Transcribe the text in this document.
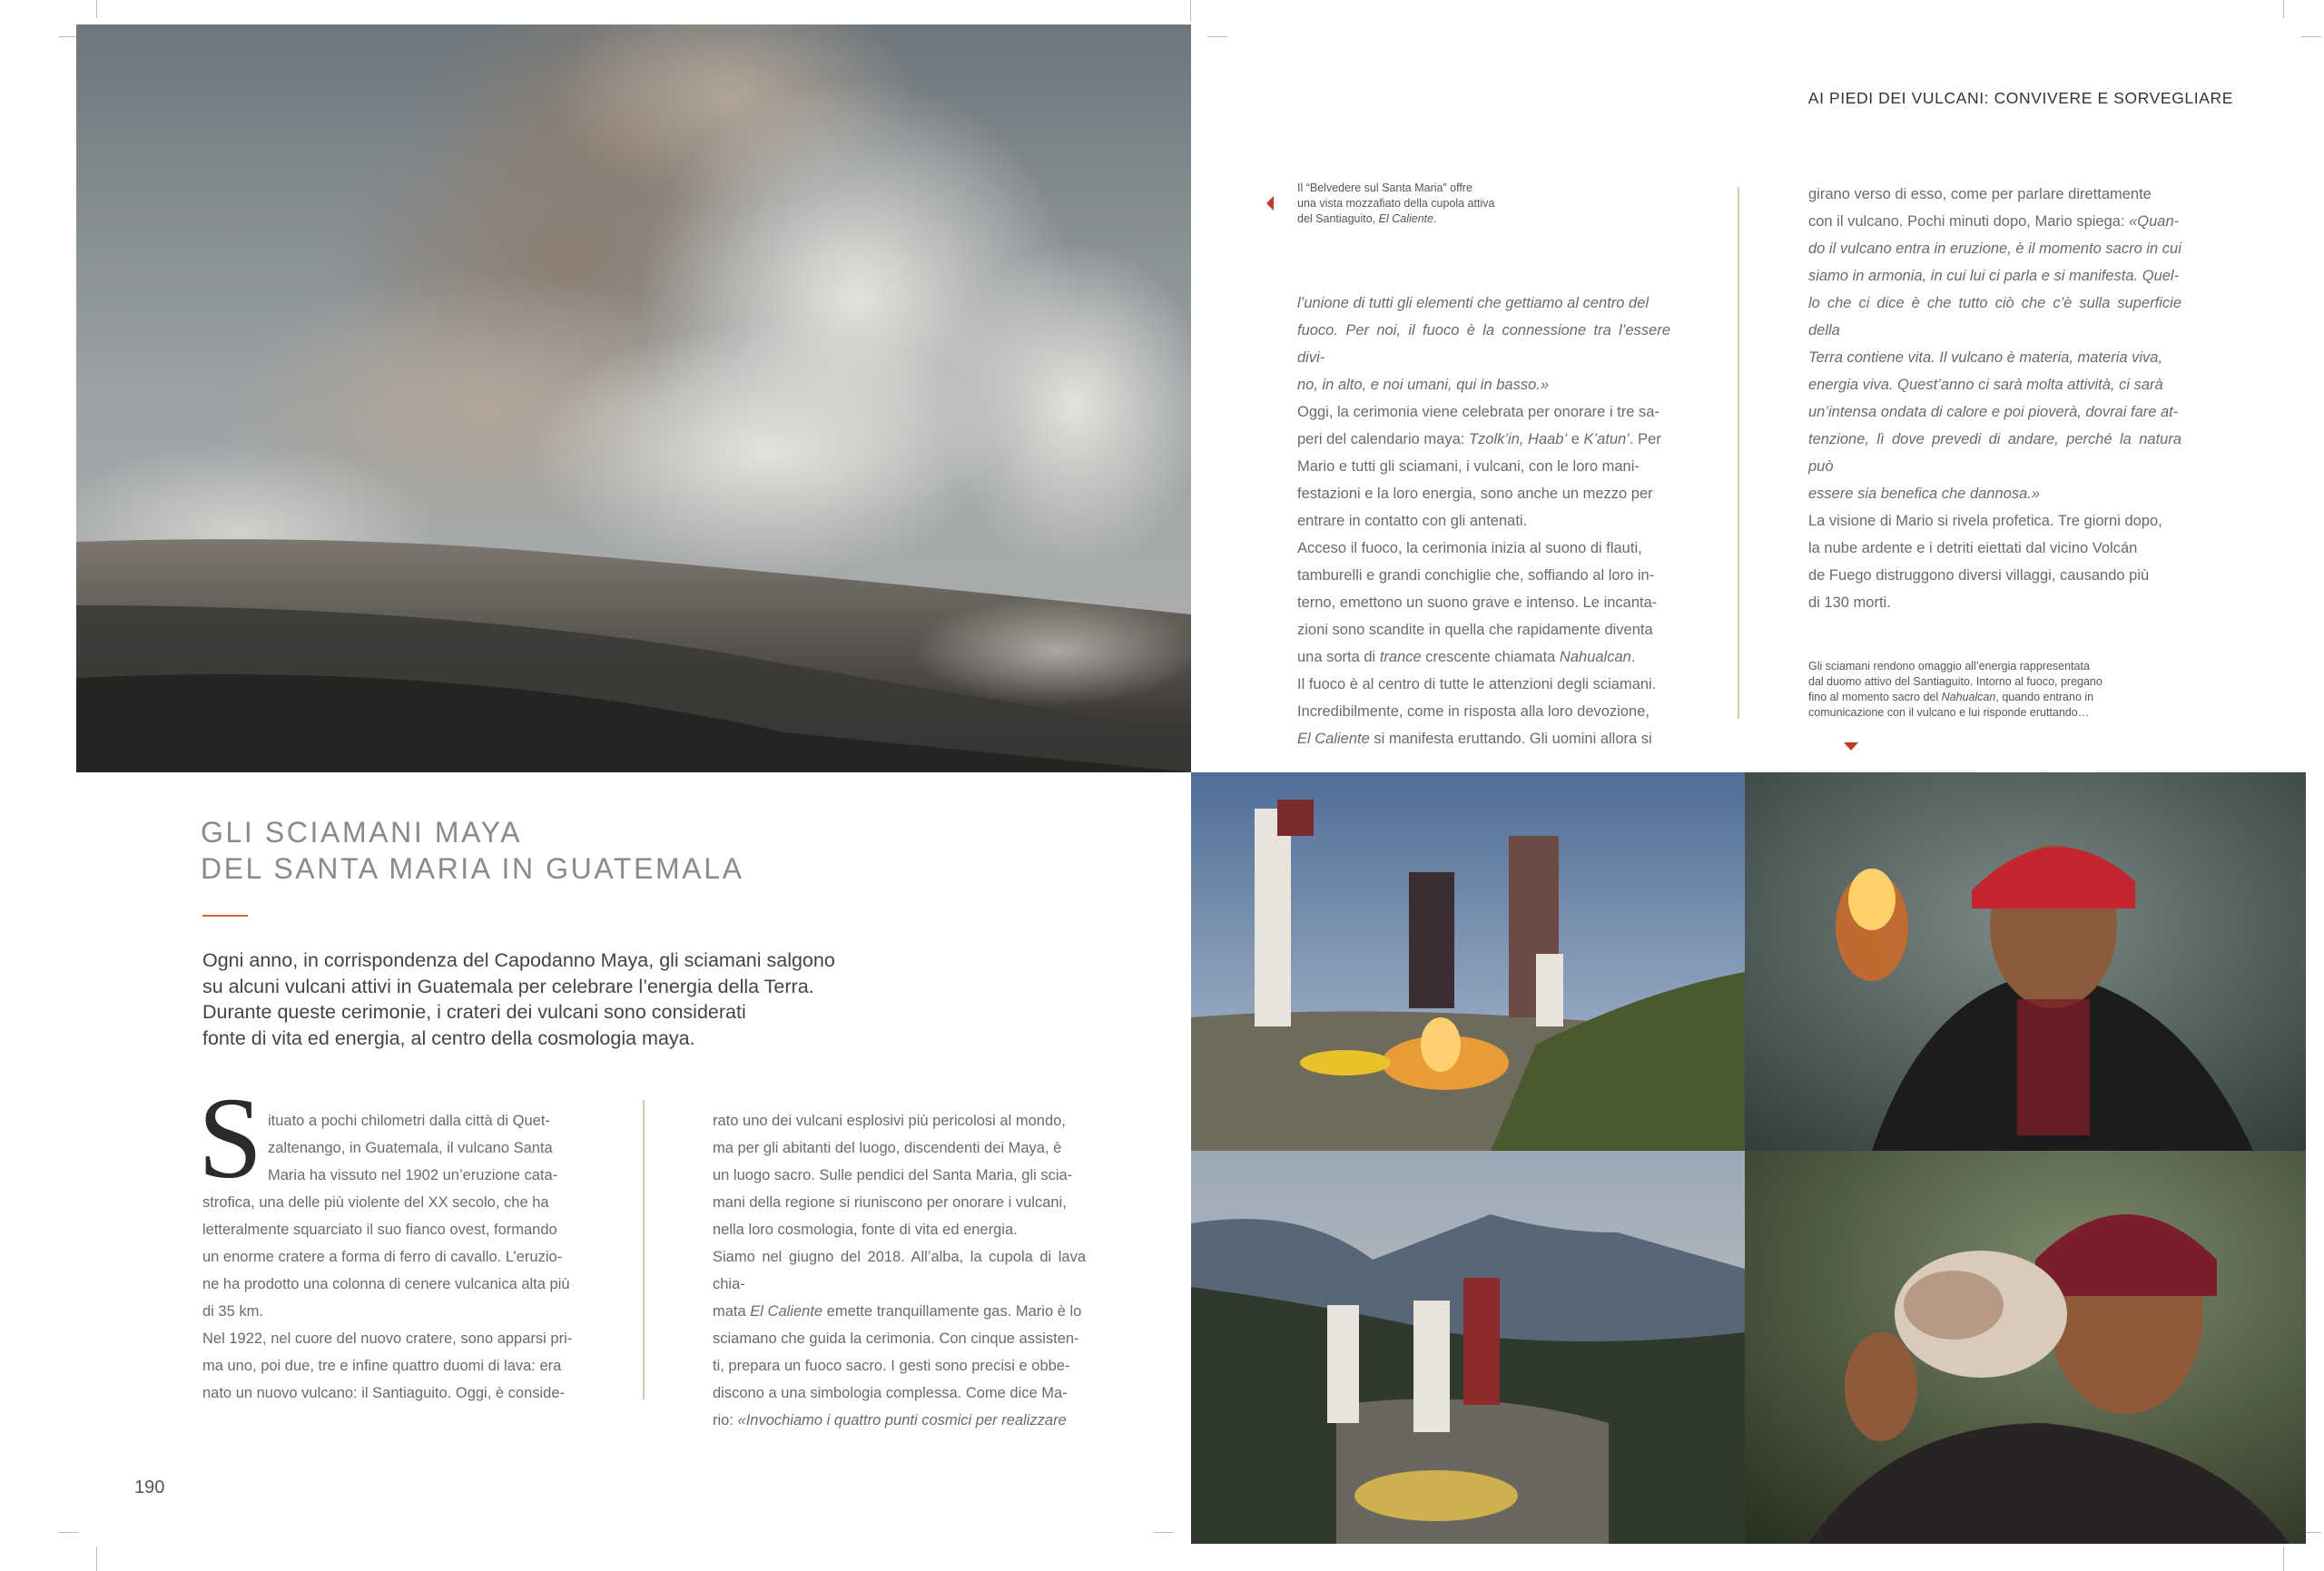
AI PIEDI DEI VULCANI: CONVIVERE E SORVEGLIARE
Il “Belvedere sul Santa Maria” offre
una vista mozzafiato della cupola attiva
del Santiaguito, El Caliente.

l’unione di tutti gli elementi che gettiamo al centro del

fuoco. Per noi, il fuoco è la connessione tra l’essere divi-

no, in alto, e noi umani, qui in basso.»

Oggi, la cerimonia viene celebrata per onorare i tre sa-

peri del calendario maya: Tzolk’in, Haab’ e K’atun’. Per

Mario e tutti gli sciamani, i vulcani, con le loro mani-

festazioni e la loro energia, sono anche un mezzo per

entrare in contatto con gli antenati.

Acceso il fuoco, la cerimonia inizia al suono di flauti,

tamburelli e grandi conchiglie che, soffiando al loro in-

terno, emettono un suono grave e intenso. Le incanta-

zioni sono scandite in quella che rapidamente diventa

una sorta di trance crescente chiamata Nahualcan.

Il fuoco è al centro di tutte le attenzioni degli sciamani.

Incredibilmente, come in risposta alla loro devozione,

El Caliente si manifesta eruttando. Gli uomini allora si

girano verso di esso, come per parlare direttamente

con il vulcano. Pochi minuti dopo, Mario spiega: «Quan-

do il vulcano entra in eruzione, è il momento sacro in cui

siamo in armonia, in cui lui ci parla e si manifesta. Quel-

lo che ci dice è che tutto ciò che c’è sulla superficie della

Terra contiene vita. Il vulcano è materia, materia viva,

energia viva. Quest’anno ci sarà molta attività, ci sarà

un’intensa ondata di calore e poi pioverà, dovrai fare at-

tenzione, lì dove prevedi di andare, perché la natura può

essere sia benefica che dannosa.»

La visione di Mario si rivela profetica. Tre giorni dopo,

la nube ardente e i detriti eiettati dal vicino Volcán

de Fuego distruggono diversi villaggi, causando più

di 130 morti.

Gli sciamani rendono omaggio all’energia rappresentata
dal duomo attivo del Santiaguito. Intorno al fuoco, pregano
fino al momento sacro del Nahualcan, quando entrano in
comunicazione con il vulcano e lui risponde eruttando…
GLI SCIAMANI MAYA
DEL SANTA MARIA IN GUATEMALA
Ogni anno, in corrispondenza del Capodanno Maya, gli sciamani salgono
su alcuni vulcani attivi in Guatemala per celebrare l’energia della Terra.
Durante queste cerimonie, i crateri dei vulcani sono considerati
fonte di vita ed energia, al centro della cosmologia maya.
S ituato a pochi chilometri dalla città di Quet-

zaltenango, in Guatemala, il vulcano Santa

Maria ha vissuto nel 1902 un’eruzione cata-

strofica, una delle più violente del XX secolo, che ha

letteralmente squarciato il suo fianco ovest, formando

un enorme cratere a forma di ferro di cavallo. L’eruzio-

ne ha prodotto una colonna di cenere vulcanica alta più

di 35 km.

Nel 1922, nel cuore del nuovo cratere, sono apparsi pri-

ma uno, poi due, tre e infine quattro duomi di lava: era

nato un nuovo vulcano: il Santiaguito. Oggi, è conside-

rato uno dei vulcani esplosivi più pericolosi al mondo,

ma per gli abitanti del luogo, discendenti dei Maya, è

un luogo sacro. Sulle pendici del Santa Maria, gli scia-

mani della regione si riuniscono per onorare i vulcani,

nella loro cosmologia, fonte di vita ed energia.

Siamo nel giugno del 2018. All’alba, la cupola di lava chia-

mata El Caliente emette tranquillamente gas. Mario è lo

sciamano che guida la cerimonia. Con cinque assisten-

ti, prepara un fuoco sacro. I gesti sono precisi e obbe-

discono a una simbologia complessa. Come dice Ma-

rio: «Invochiamo i quattro punti cosmici per realizzare

190
